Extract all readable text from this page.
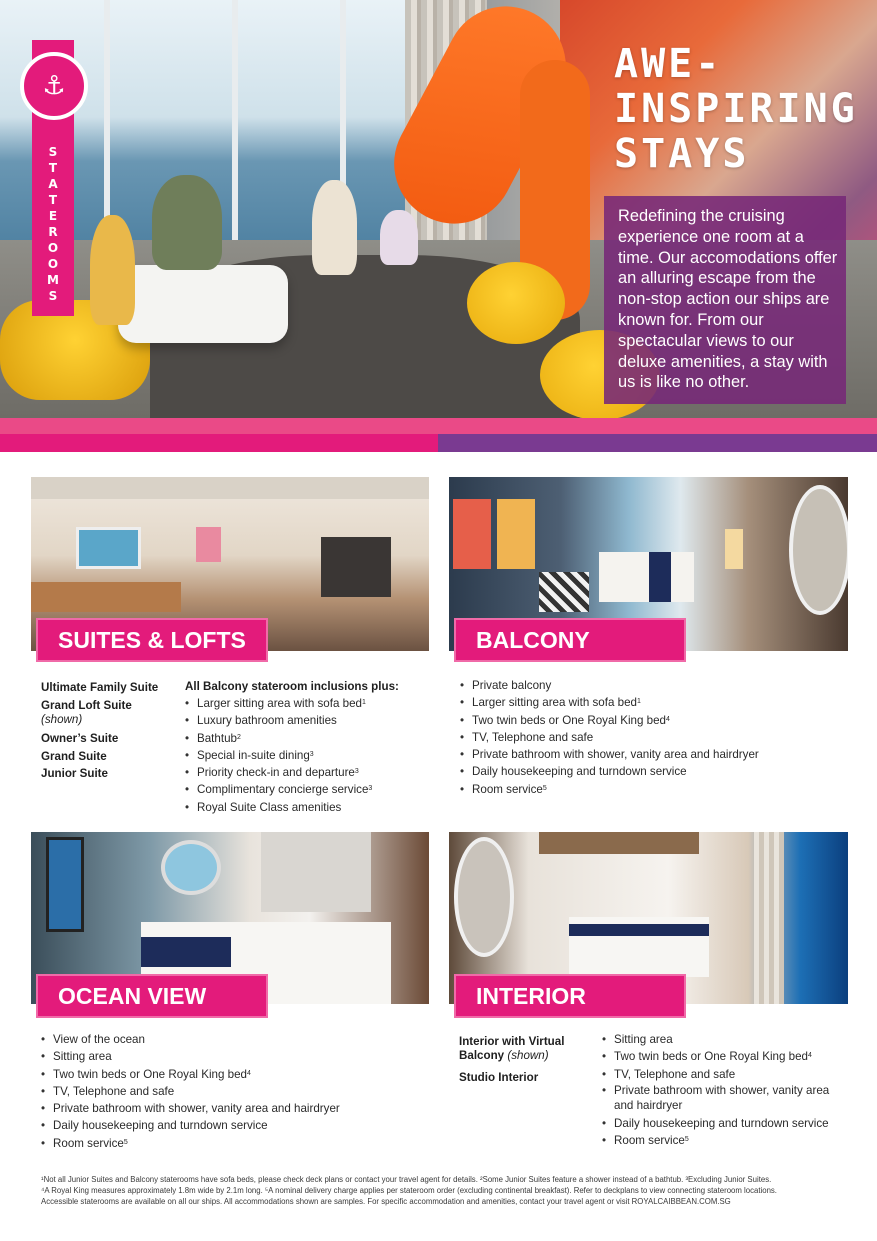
STATEROOMS
⚓	AWE-
INSPIRING
STAYS

Redefining the cruising experience one room at a time. Our accomodations offer an alluring escape from the non-stop action our ships are known for. From our spectacular views to our deluxe amenities, a stay with us is like no other.

SUITES & LOFTS	BALCONY
Ultimate Family Suite
Grand Loft Suite
(shown)
Owner’s Suite
Grand Suite
Junior Suite
All Balcony stateroom inclusions plus:
• Larger sitting area with sofa bed$^1$
• Luxury bathroom amenities
• Bathtub$^2$
• Special in-suite dining$^3$
• Priority check-in and departure$^3$
• Complimentary concierge service$^3$
• Royal Suite Class amenities
• Private balcony
• Larger sitting area with sofa bed$^1$
• Two twin beds or One Royal King bed$^4$
• TV, Telephone and safe
• Private bathroom with shower, vanity area and hairdryer
• Daily housekeeping and turndown service
• Room service$^5$
OCEAN VIEW	INTERIOR
• View of the ocean
• Sitting area
• Two twin beds or One Royal King bed$^4$
• TV, Telephone and safe
• Private bathroom with shower, vanity area and hairdryer
• Daily housekeeping and turndown service
• Room service$^5$
Interior with Virtual Balcony (shown)
Studio Interior
• Sitting area
• Two twin beds or One Royal King bed$^4$
• TV, Telephone and safe
• Private bathroom with shower, vanity area and hairdryer
• Daily housekeeping and turndown service
• Room service$^5$
¹Not all Junior Suites and Balcony staterooms have sofa beds, please check deck plans or contact your travel agent for details. ²Some Junior Suites feature a shower instead of a bathtub. ³Excluding Junior Suites.
⁴A Royal King measures approximately 1.8m wide by 2.1m long. ⁵A nominal delivery charge applies per stateroom order (excluding continental breakfast). Refer to deckplans to view connecting stateroom locations.
Accessible staterooms are available on all our ships. All accommodations shown are samples. For specific accommodation and amenities, contact your travel agent or visit ROYALCAIBBEAN.COM.SG
